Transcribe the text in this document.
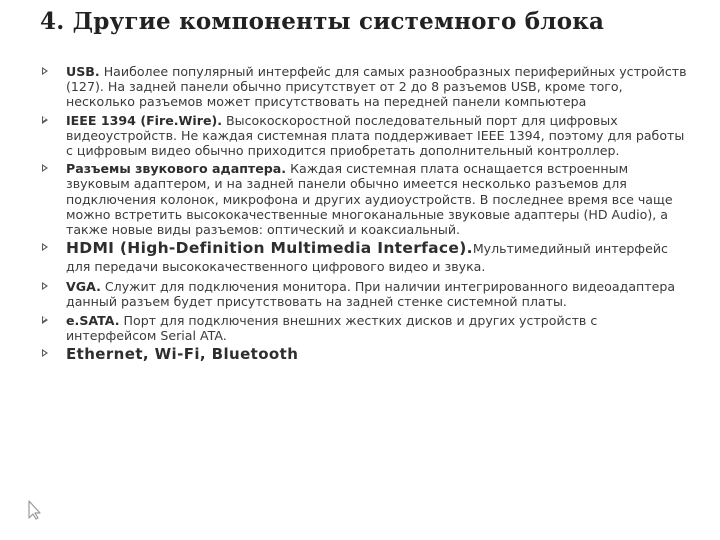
4. Другие компоненты системного блока
USB. Наиболее популярный интерфейс для самых разнообразных периферийных устройств (127). На задней панели обычно присутствует от 2 до 8 разъемов USB, кроме того, несколько разъемов может присутствовать на передней панели компьютера
IEEE 1394 (Fire.Wire). Высокоскоростной последовательный порт для цифровых видеоустройств. Не каждая системная плата поддерживает IEEE 1394, поэтому для работы с цифровым видео обычно приходится приобретать дополнительный контроллер.
Разъемы звукового адаптера. Каждая системная плата оснащается встроенным звуковым адаптером, и на задней панели обычно имеется несколько разъемов для подключения колонок, микрофона и других аудиоустройств. В последнее время все чаще можно встретить высококачественные многоканальные звуковые адаптеры (HD Audio), а также новые виды разъемов: оптический и коаксиальный.
HDMI (High-Definition Multimedia Interface).Мультимедийный интерфейс для передачи высококачественного цифрового видео и звука.
VGA. Служит для подключения монитора. При наличии интегрированного видеоадаптера данный разъем будет присутствовать на задней стенке системной платы.
e.SATA. Порт для подключения внешних жестких дисков и других устройств с интерфейсом Serial ATA.
Ethernet, Wi-Fi, Bluetooth
